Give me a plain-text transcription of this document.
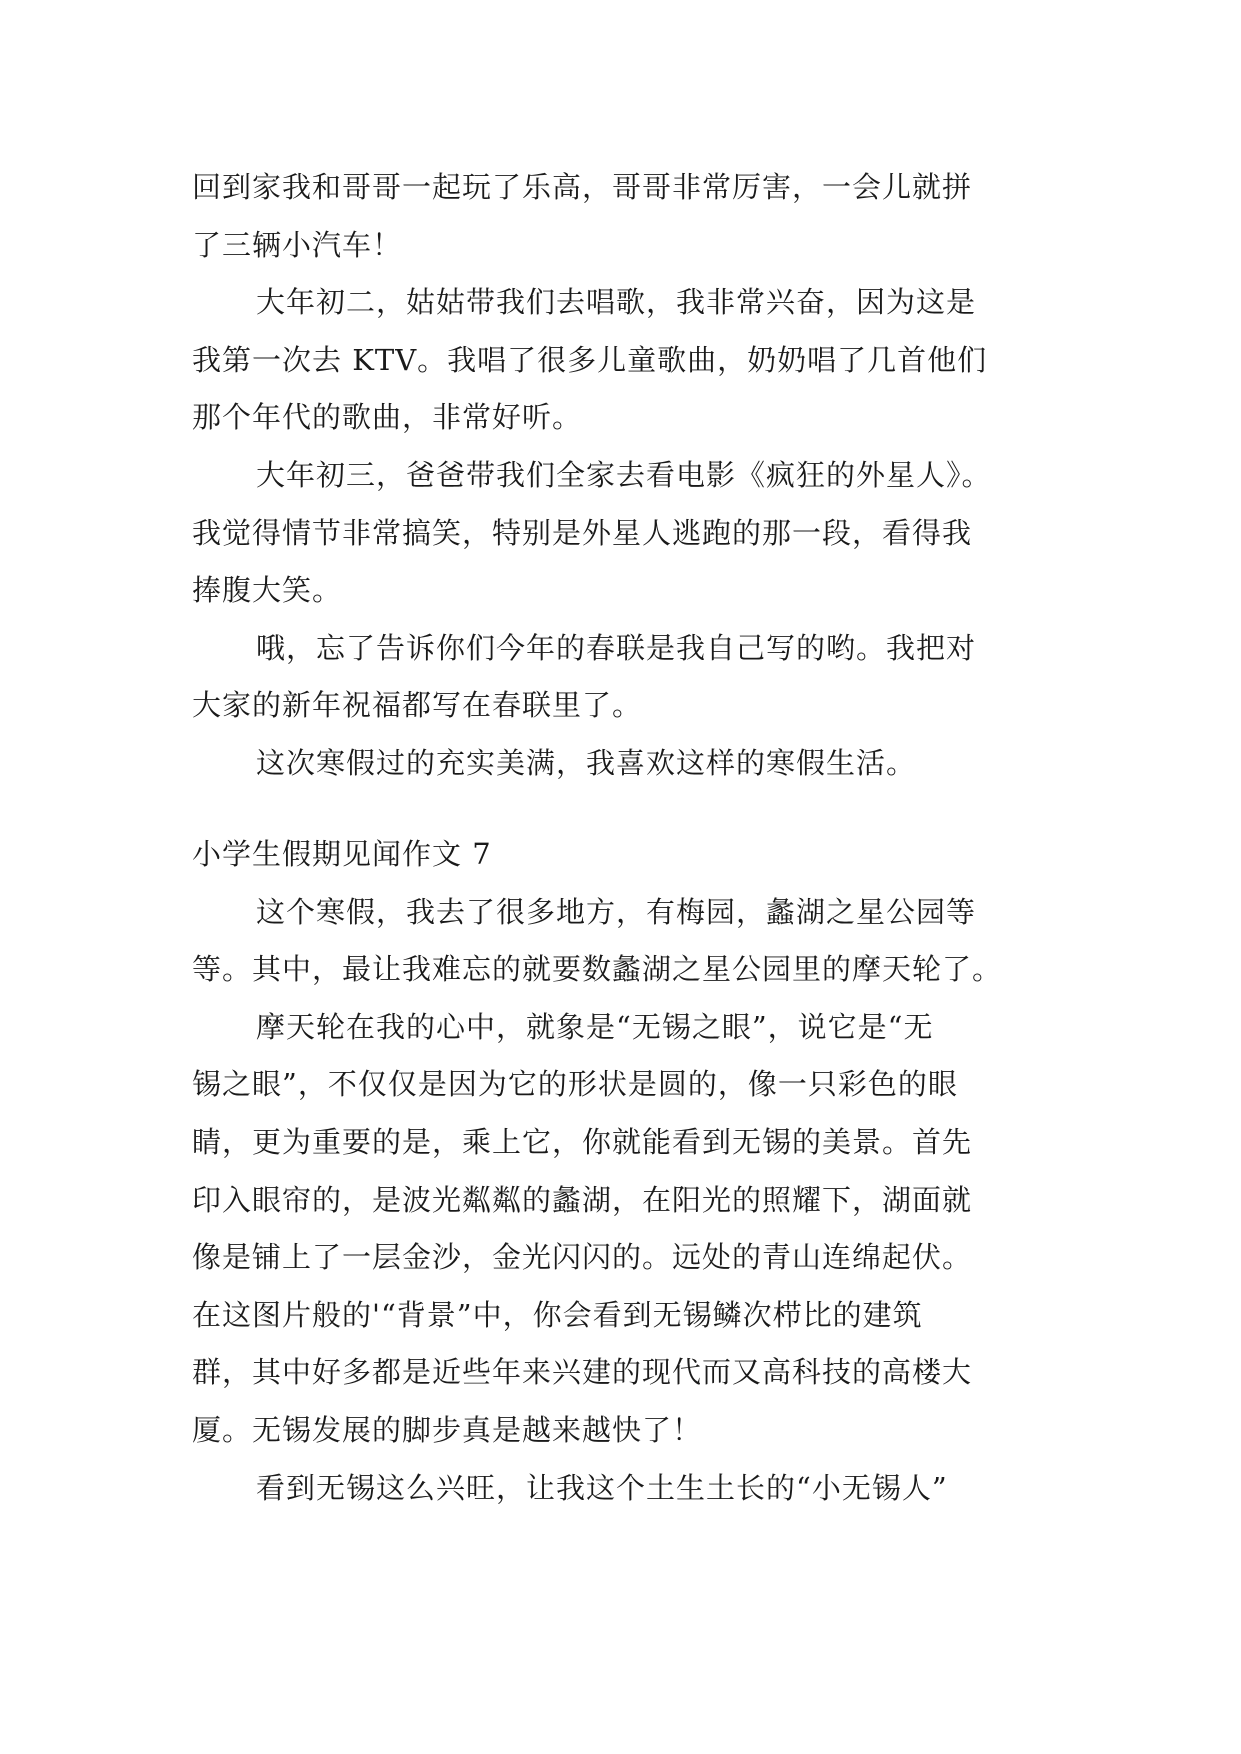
回到家我和哥哥一起玩了乐高，哥哥非常厉害，一会儿就拼
了三辆小汽车！
大年初二，姑姑带我们去唱歌，我非常兴奋，因为这是
我第一次去 KTV。我唱了很多儿童歌曲，奶奶唱了几首他们
那个年代的歌曲，非常好听。
大年初三，爸爸带我们全家去看电影《疯狂的外星人》。
我觉得情节非常搞笑，特别是外星人逃跑的那一段，看得我
捧腹大笑。
哦，忘了告诉你们今年的春联是我自己写的哟。我把对
大家的新年祝福都写在春联里了。
这次寒假过的充实美满，我喜欢这样的寒假生活。
小学生假期见闻作文 7
这个寒假，我去了很多地方，有梅园，蠡湖之星公园等
等。其中，最让我难忘的就要数蠡湖之星公园里的摩天轮了。
摩天轮在我的心中，就象是“无锡之眼”，说它是“无
锡之眼”，不仅仅是因为它的形状是圆的，像一只彩色的眼
睛，更为重要的是，乘上它，你就能看到无锡的美景。首先
印入眼帘的，是波光粼粼的蠡湖，在阳光的照耀下，湖面就
像是铺上了一层金沙，金光闪闪的。远处的青山连绵起伏。
在这图片般的'“背景”中，你会看到无锡鳞次栉比的建筑
群，其中好多都是近些年来兴建的现代而又高科技的高楼大
厦。无锡发展的脚步真是越来越快了！
看到无锡这么兴旺，让我这个土生土长的“小无锡人”
